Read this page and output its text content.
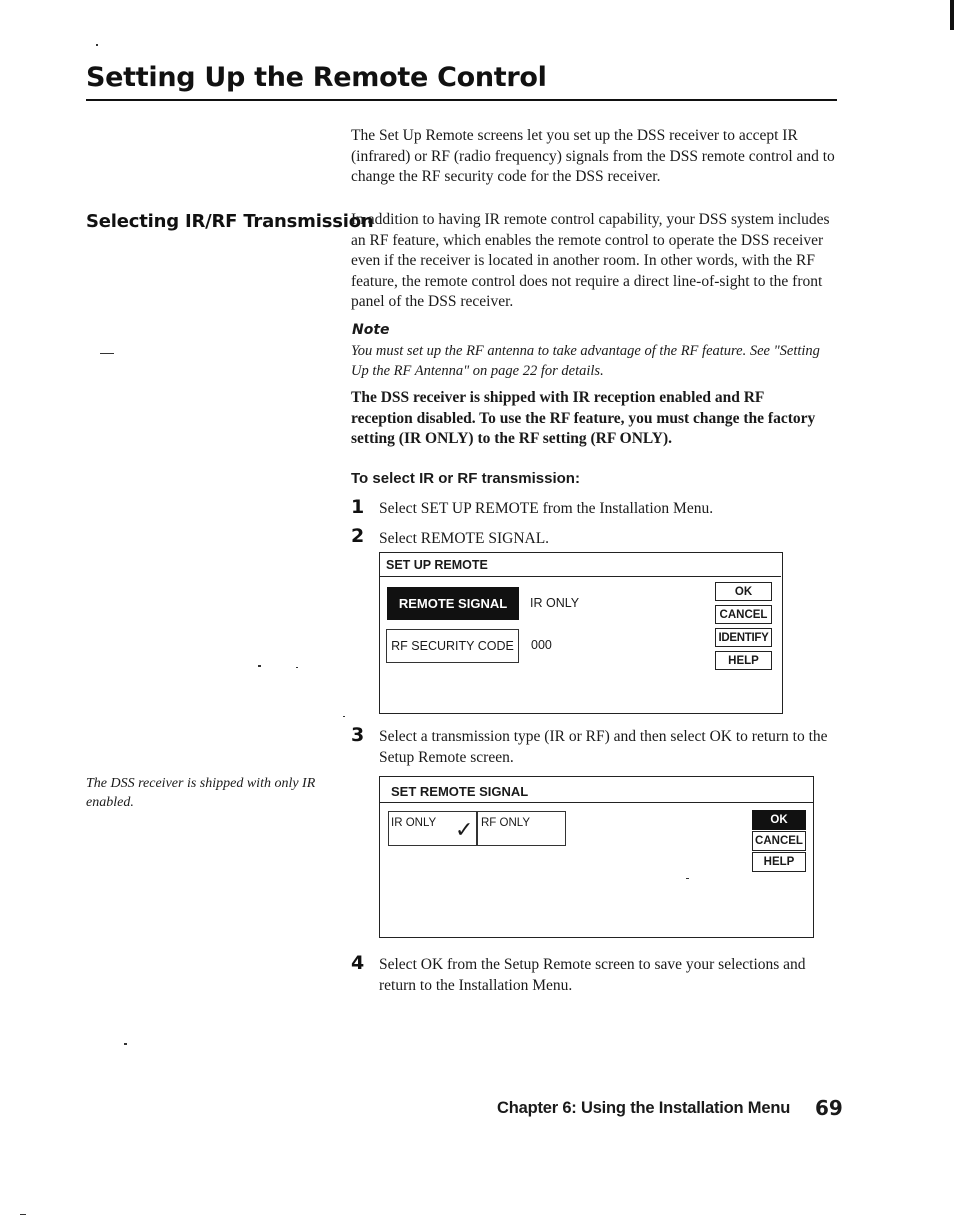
Setting Up the Remote Control
The Set Up Remote screens let you set up the DSS receiver to accept IR (infrared) or RF (radio frequency) signals from the DSS remote control and to change the RF security code for the DSS receiver.
Selecting IR/RF Transmission
In addition to having IR remote control capability, your DSS system includes an RF feature, which enables the remote control to operate the DSS receiver even if the receiver is located in another room. In other words, with the RF feature, the remote control does not require a direct line-of-sight to the front panel of the DSS receiver.
Note
You must set up the RF antenna to take advantage of the RF feature. See "Setting Up the RF Antenna" on page 22 for details.
The DSS receiver is shipped with IR reception enabled and RF reception disabled. To use the RF feature, you must change the factory setting (IR ONLY) to the RF setting (RF ONLY).
To select IR or RF transmission:
1 Select SET UP REMOTE from the Installation Menu.
2 Select REMOTE SIGNAL.
SET UP REMOTE
REMOTE SIGNAL	IR ONLY
RF SECURITY CODE	000
OK
CANCEL
IDENTIFY
HELP
3 Select a transmission type (IR or RF) and then select OK to return to the Setup Remote screen.
The DSS receiver is shipped with only IR enabled.
SET REMOTE SIGNAL
IR ONLY ✓ RF ONLY	OK
CANCEL
HELP
4 Select OK from the Setup Remote screen to save your selections and return to the Installation Menu.
Chapter 6: Using the Installation Menu 69
